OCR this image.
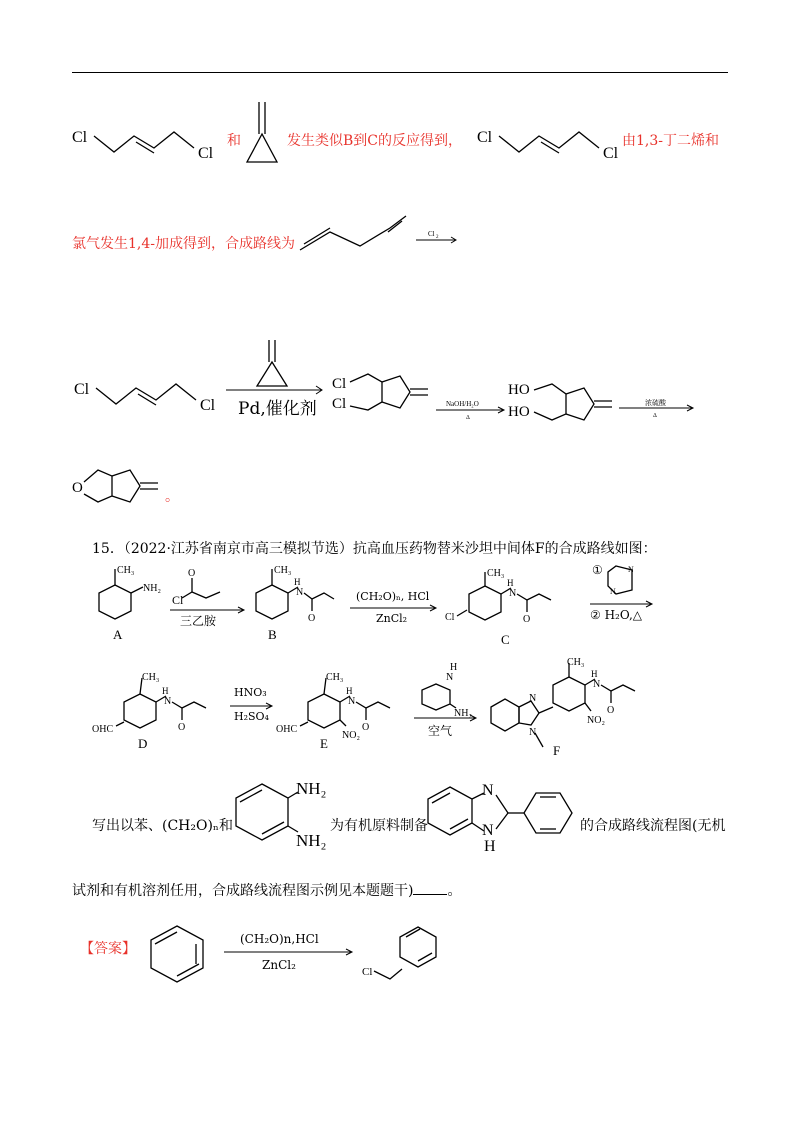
Cl
Cl
和	发生类似B到C的反应得到， Cl
Cl
由1,3-丁二烯和
氯气发生1,4-加成得到，合成路线为
Cl 2
Cl
Cl Pd,催化剂
Cl
Cl	NaOH/H₂O
Δ
HO
HO
浓硫酸
Δ
O
。
15．（2022·江苏省南京市高三模拟节选）抗高血压药物替米沙坦中间体F的合成路线如图：
CH₃
NH₂
A
O
Cl
三乙胺
CH₃
H
N
O
B
(CH₂O)ₙ, HCl
ZnCl₂	Cl
CH₃
H
N
O
C
①	N
N
② H₂O,△
OHC
CH₃
H
N
O
D
HNO₃
H₂SO₄
OHC
CH₃
H
N
O
NO₂
E
H
N
NH₂
空气
N
N
CH₃
H
N
O
NO₂
F
写出以苯、(CH₂O)ₙ和
NH₂
NH₂
为有机原料制备
N
N
H
的合成路线流程图(无机
试剂和有机溶剂任用，合成路线流程图示例见本题题干) 。
【答案】
(CH₂O)n,HCl
ZnCl₂	Cl
